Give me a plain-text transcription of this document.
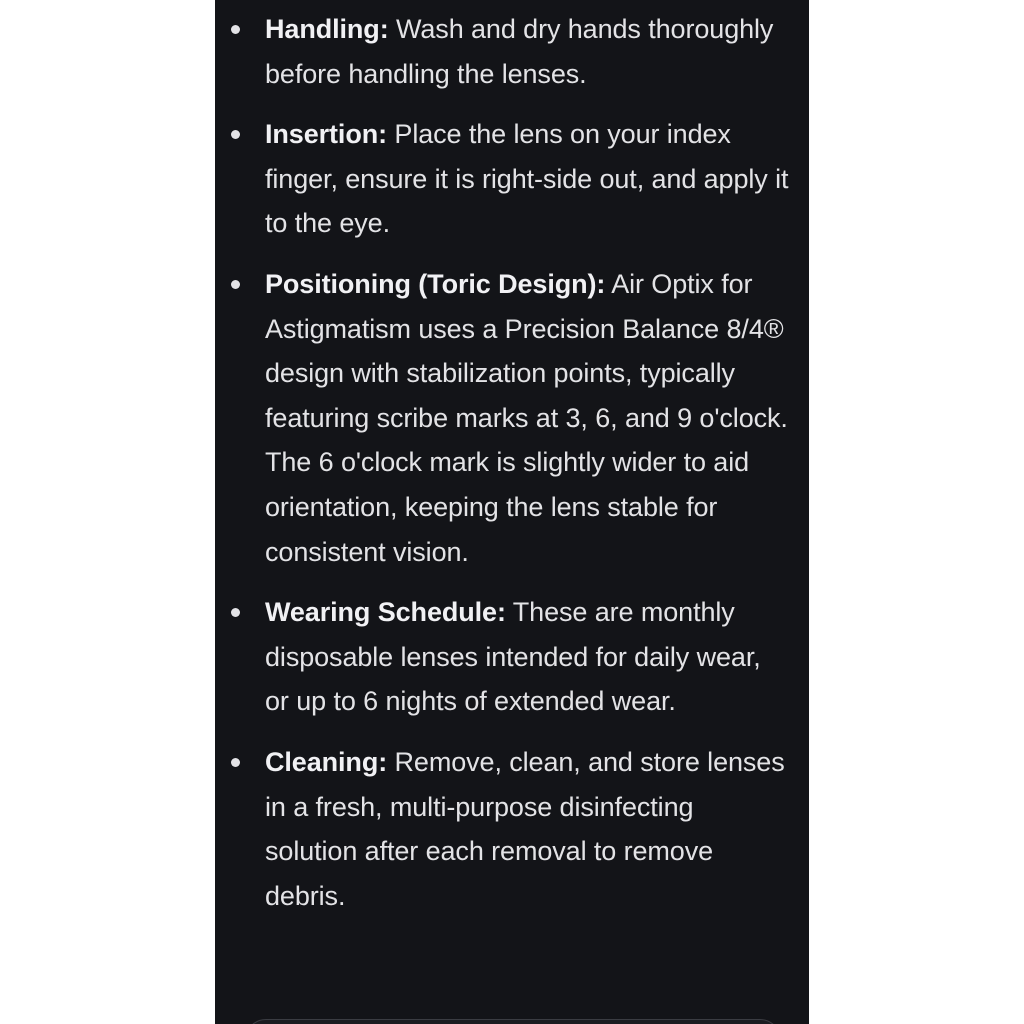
Handling: Wash and dry hands thoroughly before handling the lenses.
Insertion: Place the lens on your index finger, ensure it is right-side out, and apply it to the eye.
Positioning (Toric Design): Air Optix for Astigmatism uses a Precision Balance 8/4® design with stabilization points, typically featuring scribe marks at 3, 6, and 9 o'clock. The 6 o'clock mark is slightly wider to aid orientation, keeping the lens stable for consistent vision.
Wearing Schedule: These are monthly disposable lenses intended for daily wear, or up to 6 nights of extended wear.
Cleaning: Remove, clean, and store lenses in a fresh, multi-purpose disinfecting solution after each removal to remove debris.
